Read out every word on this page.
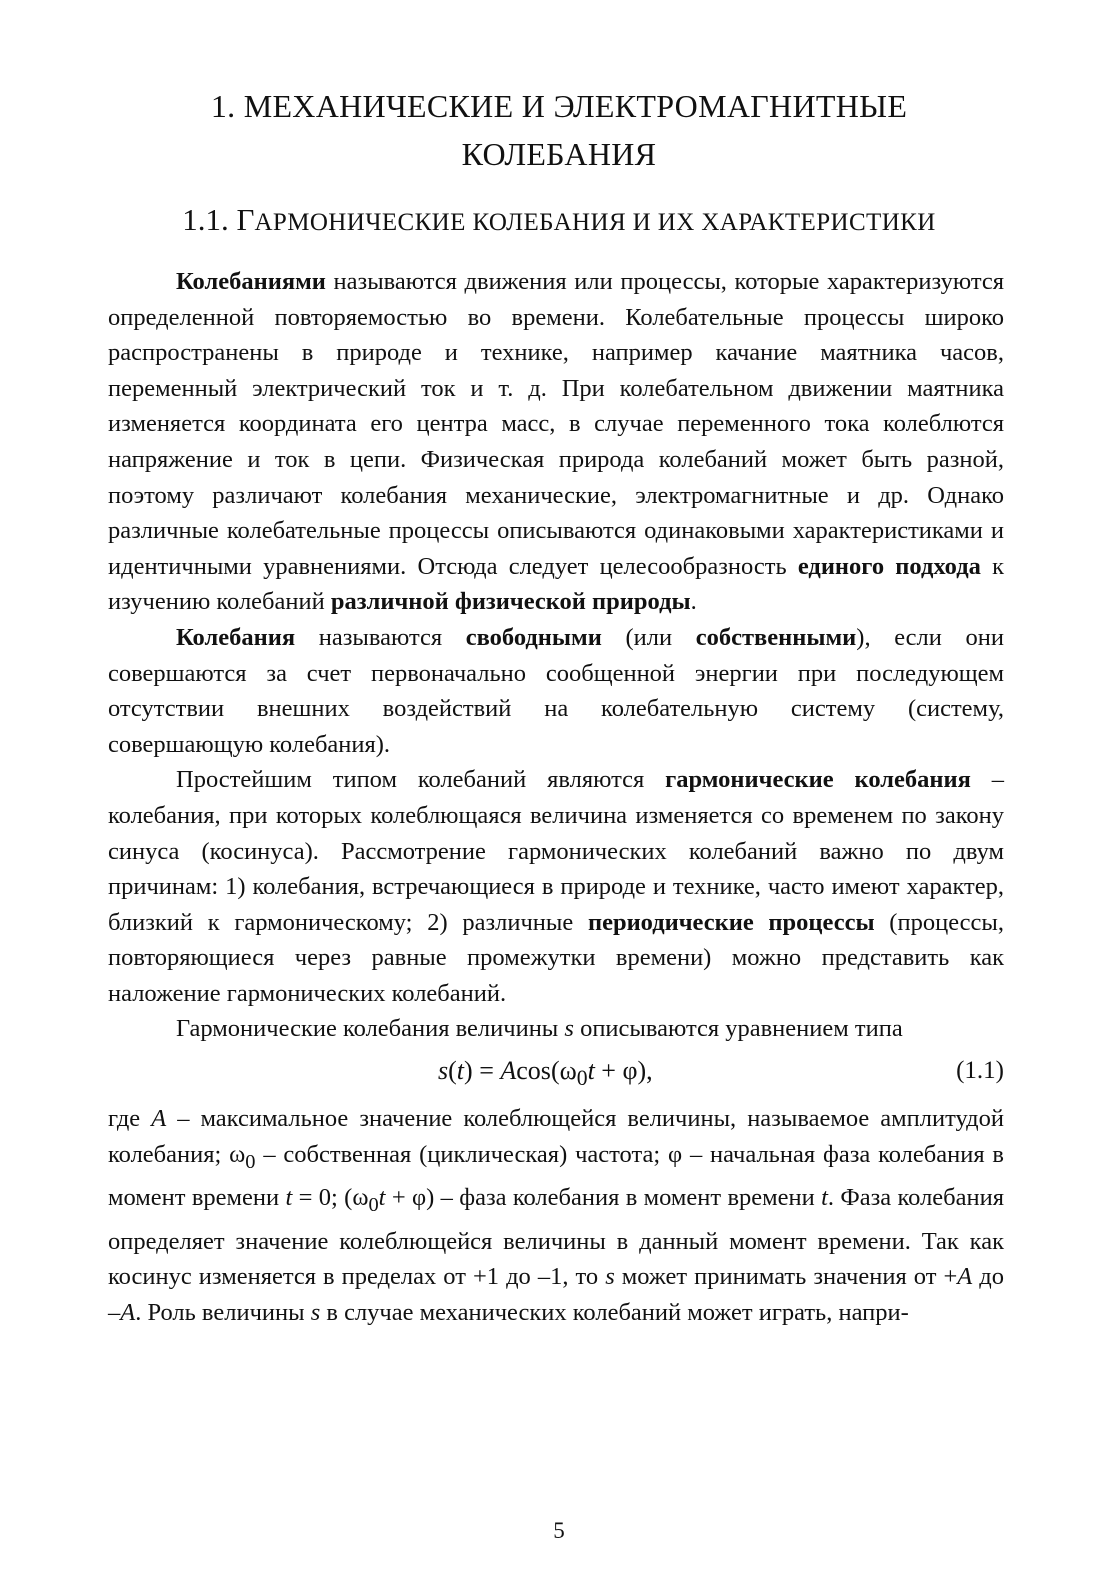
1. МЕХАНИЧЕСКИЕ И ЭЛЕКТРОМАГНИТНЫЕ
КОЛЕБАНИЯ
1.1. ГАРМОНИЧЕСКИЕ КОЛЕБАНИЯ И ИХ ХАРАКТЕРИСТИКИ

Колебаниями называются движения или процессы, которые характеризуются определенной повторяемостью во времени. Колебательные процессы широко распространены в природе и технике, например качание маятника часов, переменный электрический ток и т. д. При колебательном движении маятника изменяется координата его центра масс, в случае переменного тока колеблются напряжение и ток в цепи. Физическая природа колебаний может быть разной, поэтому различают колебания механические, электромагнитные и др. Однако различные колебательные процессы описываются одинаковыми характеристиками и идентичными уравнениями. Отсюда следует целесообразность единого подхода к изучению колебаний различной физической природы.

Колебания называются свободными (или собственными), если они совершаются за счет первоначально сообщенной энергии при последующем отсутствии внешних воздействий на колебательную систему (систему, совершающую колебания).

Простейшим типом колебаний являются гармонические колебания – колебания, при которых колеблющаяся величина изменяется со временем по закону синуса (косинуса). Рассмотрение гармонических колебаний важно по двум причинам: 1) колебания, встречающиеся в природе и технике, часто имеют характер, близкий к гармоническому; 2) различные периодические процессы (процессы, повторяющиеся через равные промежутки времени) можно представить как наложение гармонических колебаний.

Гармонические колебания величины s описываются уравнением типа

$s(t) = Acos(\omega_0t + \varphi)$,	(1.1)

где A – максимальное значение колеблющейся величины, называемое амплитудой колебания; $\omega_0$ – собственная (циклическая) частота; φ – начальная фаза колебания в момент времени t = 0; $(\omega_0t + \varphi)$ – фаза колебания в момент времени t. Фаза колебания определяет значение колеблющейся величины в данный момент времени. Так как косинус изменяется в пределах от +1 до –1, то s может принимать значения от +A до –A. Роль величины s в случае механических колебаний может играть, напри-

5
